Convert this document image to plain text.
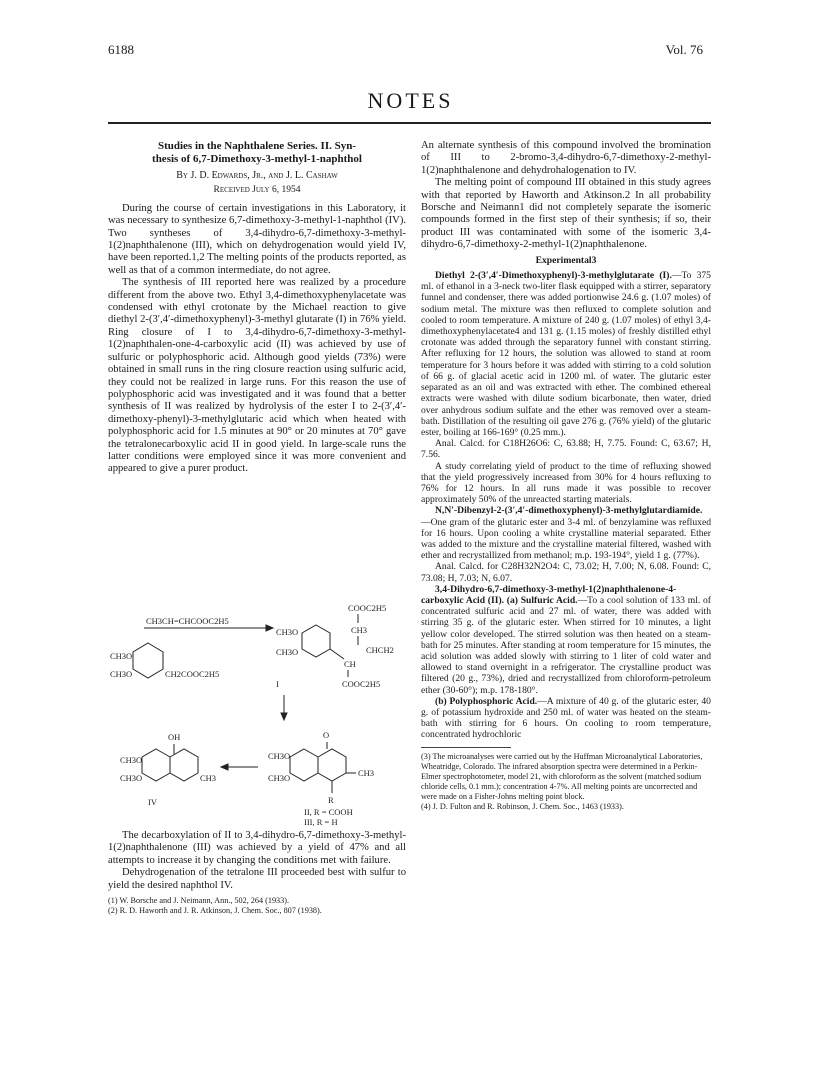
6188	Vol. 76
NOTES
Studies in the Naphthalene Series. II. Syn-
thesis of 6,7-Dimethoxy-3-methyl-1-naphthol
By J. D. Edwards, Jr., and J. L. Cashaw
Received July 6, 1954

During the course of certain investigations in this Laboratory, it was necessary to synthesize 6,7-dimethoxy-3-methyl-1-naphthol (IV). Two syntheses of 3,4-dihydro-6,7-dimethoxy-3-methyl-1(2)naphthalenone (III), which on dehydrogenation would yield IV, have been reported.1,2 The melting points of the products reported, as well as that of a common intermediate, do not agree.

The synthesis of III reported here was realized by a procedure different from the above two. Ethyl 3,4-dimethoxyphenylacetate was condensed with ethyl crotonate by the Michael reaction to give diethyl 2-(3′,4′-dimethoxyphenyl)-3-methyl glutarate (I) in 76% yield. Ring closure of I to 3,4-dihydro-6,7-dimethoxy-3-methyl-1(2)naphthalen-one-4-carboxylic acid (II) was achieved by use of sulfuric or polyphosphoric acid. Although good yields (73%) were obtained in small runs in the ring closure reaction using sulfuric acid, they could not be realized in large runs. For this reason the use of polyphosphoric acid was investigated and it was found that a better synthesis of II was realized by hydrolysis of the ester I to 2-(3′,4′-dimethoxy-phenyl)-3-methylglutaric acid which when heated with polyphosphoric acid for 1.5 minutes at 90° or 20 minutes at 70° gave the tetralonecarboxylic acid II in good yield. In large-scale runs the latter conditions were employed since it was more convenient and appeared to give a purer product.

CH3CH=CHCOOC2H5
CH3O
CH3O	CH2COOC2H5
COOC2H5
CH3
CH3O
CH3O	CHCH2
CH
I	COOC2H5
OH
CH3O
CH3O	CH3
IV
O
CH3O
CH3O	CH3
R
II, R = COOH
III, R = H

The decarboxylation of II to 3,4-dihydro-6,7-dimethoxy-3-methyl-1(2)naphthalenone (III) was achieved by a yield of 47% and all attempts to increase it by changing the conditions met with failure.

Dehydrogenation of the tetralone III proceeded best with sulfur to yield the desired naphthol IV.

(1) W. Borsche and J. Neimann, Ann., 502, 264 (1933).
(2) R. D. Haworth and J. R. Atkinson, J. Chem. Soc., 807 (1938).

An alternate synthesis of this compound involved the bromination of III to 2-bromo-3,4-dihydro-6,7-dimethoxy-2-methyl-1(2)naphthalenone and dehydrohalogenation to IV.

The melting point of compound III obtained in this study agrees with that reported by Haworth and Atkinson.2 In all probability Borsche and Neimann1 did not completely separate the isomeric compounds formed in the first step of their synthesis; if so, their product III was contaminated with some of the isomeric 3,4-dihydro-6,7-dimethoxy-2-methyl-1(2)naphthalenone.

Experimental3

Diethyl 2-(3′,4′-Dimethoxyphenyl)-3-methylglutarate (I).—To 375 ml. of ethanol in a 3-neck two-liter flask equipped with a stirrer, separatory funnel and condenser, there was added portionwise 24.6 g. (1.07 moles) of sodium metal. The mixture was then refluxed to complete solution and cooled to room temperature. A mixture of 240 g. (1.07 moles) of ethyl 3,4-dimethoxyphenylacetate4 and 131 g. (1.15 moles) of freshly distilled ethyl crotonate was added through the separatory funnel with constant stirring. After refluxing for 12 hours, the solution was allowed to stand at room temperature for 3 hours before it was added with stirring to a cold solution of 66 g. of glacial acetic acid in 1200 ml. of water. The glutaric ester separated as an oil and was extracted with ether. The combined ethereal extracts were washed with dilute sodium bicarbonate, then water, dried over anhydrous sodium sulfate and the ether was removed over a steam-bath. Distillation of the resulting oil gave 276 g. (76% yield) of the glutaric ester, boiling at 166-169° (0.25 mm.).

Anal. Calcd. for C18H26O6: C, 63.88; H, 7.75. Found: C, 63.67; H, 7.56.

A study correlating yield of product to the time of refluxing showed that the yield progressively increased from 30% for 4 hours refluxing to 76% for 12 hours. In all runs made it was possible to recover approximately 50% of the unreacted starting materials.

N,N′-Dibenzyl-2-(3′,4′-dimethoxyphenyl)-3-methylglutardiamide.—One gram of the glutaric ester and 3-4 ml. of benzylamine was refluxed for 16 hours. Upon cooling a white crystalline material separated. Ether was added to the mixture and the crystalline material filtered, washed with ether and recrystallized from methanol; m.p. 193-194°, yield 1 g. (77%).

Anal. Calcd. for C28H32N2O4: C, 73.02; H, 7.00; N, 6.08. Found: C, 73.08; H, 7.03; N, 6.07.

3,4-Dihydro-6,7-dimethoxy-3-methyl-1(2)naphthalenone-4-carboxylic Acid (II). (a) Sulfuric Acid.—To a cool solution of 133 ml. of concentrated sulfuric acid and 27 ml. of water, there was added with stirring 35 g. of the glutaric ester. When stirred for 10 minutes, a light yellow color developed. The stirred solution was then heated on a steam-bath for 25 minutes. After standing at room temperature for 15 minutes, the acid solution was added slowly with stirring to 1 liter of cold water and allowed to stand overnight in a refrigerator. The crystalline product was filtered (20 g., 73%), dried and recrystallized from chloroform-petroleum ether (30-60°); m.p. 178-180°.

(b) Polyphosphoric Acid.—A mixture of 40 g. of the glutaric ester, 40 g. of potassium hydroxide and 250 ml. of water was heated on the steam-bath with stirring for 6 hours. On cooling to room temperature, concentrated hydrochloric

(3) The microanalyses were carried out by the Huffman Microanalytical Laboratories, Wheatridge, Colorado. The infrared absorption spectra were determined in a Perkin-Elmer spectrophotometer, model 21, with chloroform as the solvent (matched sodium chloride cells, 0.1 mm.); concentration 4-7%. All melting points are uncorrected and were made on a Fisher-Johns melting point block.
(4) J. D. Fulton and R. Robinson, J. Chem. Soc., 1463 (1933).
